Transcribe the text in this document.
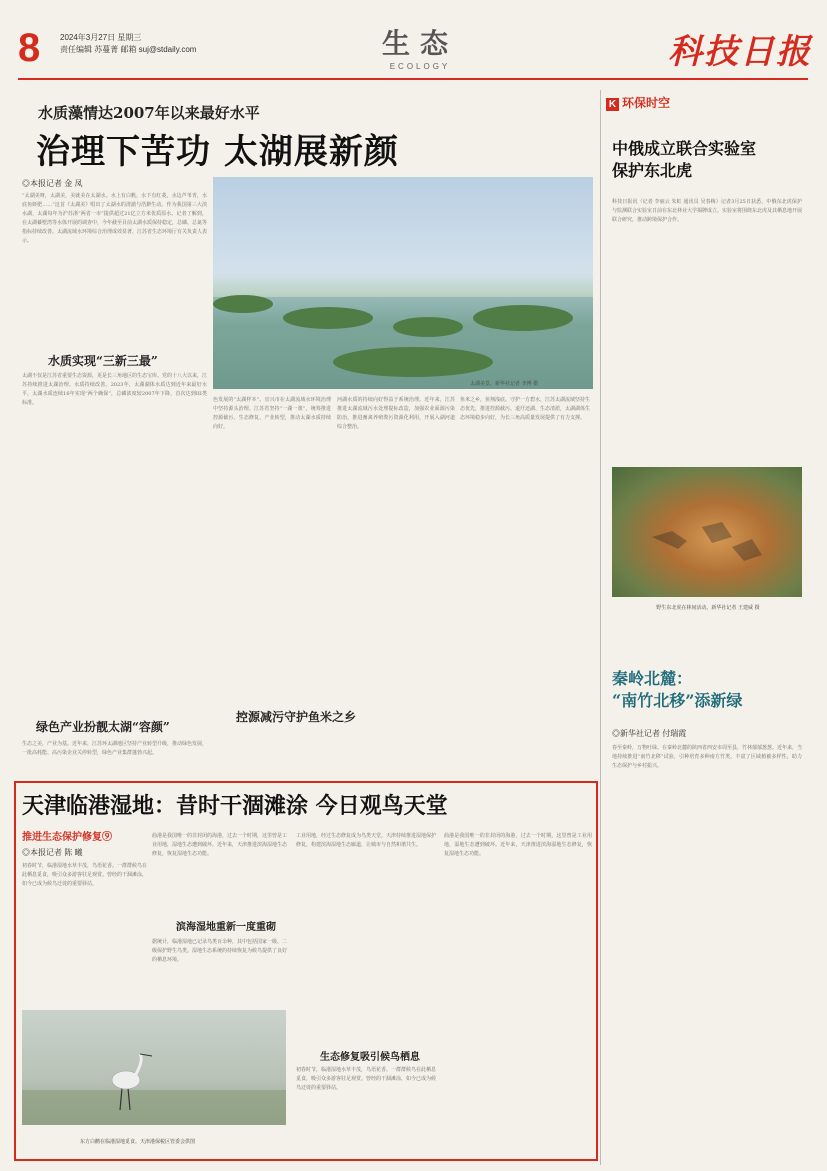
8 2024年3月27日 星期三
责任编辑 苏蔓菁 邮箱 suj@stdaily.com	生态
ECOLOGY	科技日报
水质藻情达2007年以来最好水平
治理下苦功 太湖展新颜
◎本报记者 金 凤
“太湖美呀，太湖美，美就美在太湖水。水上有白帆，水下有红菱，水边芦苇青，水底鱼虾肥……”这首《太湖美》唱出了太湖水的清澈与浩渺生动。作为我国第三大淡水湖，太湖每年为沪苏浙“两省一市”提供超过21亿立方米优质原水。记者了解到，在太湖綦墅湾等水体开展的调查中，今年截至目前太湖水质保持稳定，总磷、总氮等指标持续改善。太湖流域水环境综合治理成效显著，江苏省生态环境厅有关负责人表示。
水质实现“三新三最”
太湖不仅是江苏省重要生态资源，更是长三角地区的生态宝库。党的十八大以来，江苏持续推进太湖治理。水质持续改善。2023年，太湖湖体水质达到近年来最好水平，太湖水质连续16年实现“两个确保”，总磷浓度较2007年下降，首次达到III类标准。
绿色产业扮靓太湖“容颜”
生态之美，产业为基。近年来，江苏环太湖地区坚持产业转型升级，推动绿色发展，一批高耗能、高污染企业关停转型，绿色产业集群蓬勃兴起。
太湖美景。新华社记者 李博 摄
色发展的“太湖样本”。宜兴市在太湖流域水环境治理中坚持源头治理。江苏省坚持“一湖一策”，统筹推进控源截污、生态修复、产业转型，推动太湖水质持续向好。
河湖水质的持续向好得益于系统治理。近年来，江苏推进太湖流域污水处理提标改造，加强农业面源污染防治，推进畜禽养殖粪污资源化利用，开展入湖河道综合整治。
鱼米之乡，鱼翔浅底。守护一方碧水，江苏太湖流域坚持生态优先，推进控源截污、退圩还湖、生态清淤，太湖湖体生态环境稳步向好，为长三角高质量发展提供了有力支撑。
控源减污守护鱼米之乡
天津临港湿地：昔时干涸滩涂 今日观鸟天堂
推进生态保护修复⑨
◎本报记者 陈 曦
初春时节，临港湿地水草丰茂，鸟语花香。一群群候鸟在此栖息觅食，吸引众多游客驻足观赏。曾经的干涸滩涂，如今已成为候鸟迁徙的重要驿站。
曲港是我国唯一的非封闭的海港，过去一个时期，这里曾是工业用地，湿地生态遭到破坏。近年来，天津推进滨海湿地生态修复，恢复湿地生态功能。
滨海湿地重新一度重砌
据统计，临港湿地已记录鸟类百余种，其中包括国家一级、二级保护野生鸟类。湿地生态系统的持续恢复为候鸟提供了良好的栖息环境。
工业用地，经过生态修复成为鸟类天堂。天津持续推进湿地保护修复，构建滨海湿地生态廊道，让城市与自然和谐共生。
生态修复吸引候鸟栖息
初春时节，临港湿地水草丰茂，鸟语花香。一群群候鸟在此栖息觅食，吸引众多游客驻足观赏。曾经的干涸滩涂，如今已成为候鸟迁徙的重要驿站。
曲港是我国唯一的非封闭的海港，过去一个时期，这里曾是工业用地，湿地生态遭到破坏。近年来，天津推进滨海湿地生态修复，恢复湿地生态功能。
东方白鹳在临港湿地觅食。天津港保税区管委会供图
K 环保时空
中俄成立联合实验室
保护东北虎
科技日报讯（记者 李丽云 朱虹 通讯员 吴春梅）记者3月25日获悉，中俄东北虎保护与监测联合实验室日前在东北林业大学揭牌成立。实验室将围绕东北虎及其栖息地开展联合研究，推动跨境保护合作。
野生东北虎在林间活动。新华社记者 王建威 摄
秦岭北麓：
“南竹北移”添新绿
◎新华社记者 付瑞霞
春至秦岭，万物吐绿。在秦岭北麓的陕西省西安市周至县，竹林郁郁葱葱。近年来，当地持续推进“南竹北移”试验，引种培育多种南方竹类，丰富了区域植被多样性，助力生态保护与乡村振兴。
